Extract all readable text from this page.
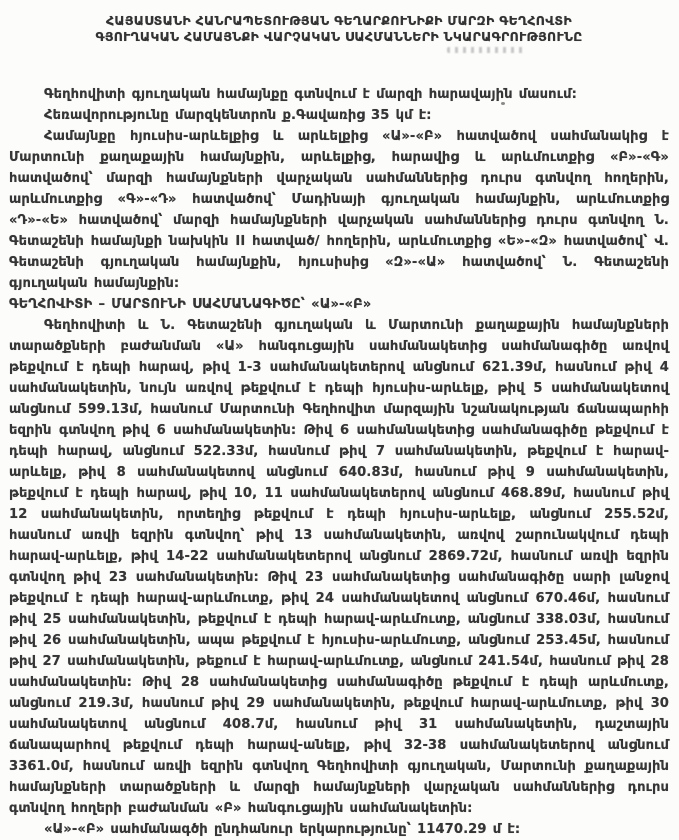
ՀԱՅԱՍՏԱՆԻ ՀԱՆՐԱՊԵՏՈՒԹՅԱՆ ԳԵՂԱՐՔՈՒՆԻՔԻ ՄԱՐԶԻ ԳԵՂՀՈՎՏԻ
ԳՅՈՒՂԱԿԱՆ ՀԱՄԱՅՆՔԻ ՎԱՐՉԱԿԱՆ ՍԱՀՄԱՆՆԵՐԻ ՆԿԱՐԱԳՐՈՒԹՅՈՒՆԸ

Գեղհովիտի գյուղական համայնքը գտնվում է մարզի հարավային մասում:

Հեռավորությունը մարզկենտրոն ք.Գավառից 35 կմ է:

Համայնքը հյուսիս-արևելքից և արևելքից «Ա»-«Բ» հատվածով սահմանակից է Մարտունի քաղաքային համայնքին, արևելքից, հարավից և արևմուտքից «Բ»-«Գ» հատվածով՝ մարզի համայնքների վարչական սահմաններից դուրս գտնվող հողերին, արևմուտքից «Գ»-«Դ» հատվածով՝ Մադինայի գյուղական համայնքին, արևմուտքից «Դ»-«Ե» հատվածով՝ մարզի համայնքների վարչական սահմաններից դուրս գտնվող Ն. Գետաշենի համայնքի նախկին II հատված/ հողերին, արևմուտքից «Ե»-«Զ» հատվածով՝ Վ. Գետաշենի գյուղական համայնքին, հյուսիսից «Զ»-«Ա» հատվածով՝ Ն. Գետաշենի գյուղական համայնքին:

ԳԵՂՀՈՎԻՏԻ – ՄԱՐՏՈՒՆԻ ՍԱՀՄԱՆԱԳԻԾԸ՝ «Ա»-«Բ»

Գեղհովիտի և Ն. Գետաշենի գյուղական և Մարտունի քաղաքային համայնքների տարածքների բաժանման «Ա» հանգուցային սահմանակետից սահմանագիծը առվով թեքվում է դեպի հարավ, թիվ 1-3 սահմանակետերով անցնում 621.39մ, հասնում թիվ 4 սահմանակետին, նույն առվով թեքվում է դեպի հյուսիս-արևելք, թիվ 5 սահմանակետով անցնում 599.13մ, հասնում Մարտունի Գեղհովիտ մարզային նշանակության ճանապարհի եզրին գտնվող թիվ 6 սահմանակետին: Թիվ 6 սահմանակետից սահմանագիծը թեքվում է դեպի հարավ, անցնում 522.33մ, հասնում թիվ 7 սահմանակետին, թեքվում է հարավ-արևելք, թիվ 8 սահմանակետով անցնում 640.83մ, հասնում թիվ 9 սահմանակետին, թեքվում է դեպի հարավ, թիվ 10, 11 սահմանակետերով անցնում 468.89մ, հասնում թիվ 12 սահմանակետին, որտեղից թեքվում է դեպի հյուսիս-արևելք, անցնում 255.52մ, հասնում առվի եզրին գտնվող՝ թիվ 13 սահմանակետին, առվով շարունակվում դեպի հարավ-արևելք, թիվ 14-22 սահմանակետերով անցնում 2869.72մ, հասնում առվի եզրին գտնվող թիվ 23 սահմանակետին: Թիվ 23 սահմանակետից սահմանագիծը սարի լանջով թեքվում է դեպի հարավ-արևմուտք, թիվ 24 սահմանակետով անցնում 670.46մ, հասնում թիվ 25 սահմանակետին, թեքվում է դեպի հարավ-արևմուտք, անցնում 338.03մ, հասնում թիվ 26 սահմանակետին, ապա թեքվում է հյուսիս-արևմուտք, անցնում 253.45մ, հասնում թիվ 27 սահմանակետին, թեքում է հարավ-արևմուտք, անցնում 241.54մ, հասնում թիվ 28 սահմանակետին: Թիվ 28 սահմանակետից սահմանագիծը թեքվում է դեպի արևմուտք, անցնում 219.3մ, հասնում թիվ 29 սահմանակետին, թեքվում հարավ-արևմուտք, թիվ 30 սահմանակետով անցնում 408.7մ, հասնում թիվ 31 սահմանակետին, դաշտային ճանապարհով թեքվում դեպի հարավ-անելք, թիվ 32-38 սահմանակետերով անցնում 3361.0մ, հասնում առվի եզրին գտնվող Գեղհովիտի գյուղական, Մարտունի քաղաքային համայնքների տարածքների և մարզի համայնքների վարչական սահմաններից դուրս գտնվող հողերի բաժանման «Բ» հանգուցային սահմանակետին:

«Ա»-«Բ» սահմանագծի ընդհանուր երկարությունը՝ 11470.29 մ է:
